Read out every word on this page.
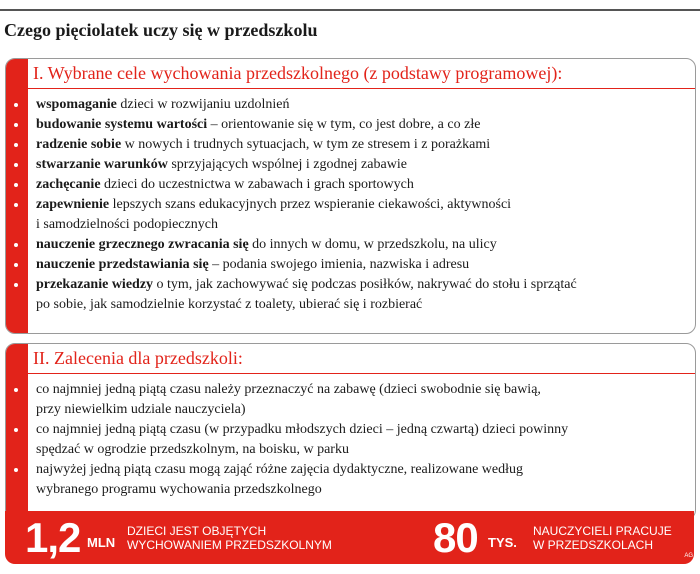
Czego pięciolatek uczy się w przedszkolu
I. Wybrane cele wychowania przedszkolnego (z podstawy programowej):
wspomaganie dzieci w rozwijaniu uzdolnień
budowanie systemu wartości – orientowanie się w tym, co jest dobre, a co złe
radzenie sobie w nowych i trudnych sytuacjach, w tym ze stresem i z porażkami
stwarzanie warunków sprzyjających wspólnej i zgodnej zabawie
zachęcanie dzieci do uczestnictwa w zabawach i grach sportowych
zapewnienie lepszych szans edukacyjnych przez wspieranie ciekawości, aktywności
i samodzielności podopiecznych
nauczenie grzecznego zwracania się do innych w domu, w przedszkolu, na ulicy
nauczenie przedstawiania się – podania swojego imienia, nazwiska i adresu
przekazanie wiedzy o tym, jak zachowywać się podczas posiłków, nakrywać do stołu i sprzątać
po sobie, jak samodzielnie korzystać z toalety, ubierać się i rozbierać
II. Zalecenia dla przedszkoli:
co najmniej jedną piątą czasu należy przeznaczyć na zabawę (dzieci swobodnie się bawią,
przy niewielkim udziale nauczyciela)
co najmniej jedną piątą czasu (w przypadku młodszych dzieci – jedną czwartą) dzieci powinny
spędzać w ogrodzie przedszkolnym, na boisku, w parku
najwyżej jedną piątą czasu mogą zająć różne zajęcia dydaktyczne, realizowane według
wybranego programu wychowania przedszkolnego
1,2 MLN
DZIECI JEST OBJĘTYCH
WYCHOWANIEM PRZEDSZKOLNYM 80 TYS.
NAUCZYCIELI PRACUJE
W PRZEDSZKOLACH
AG
